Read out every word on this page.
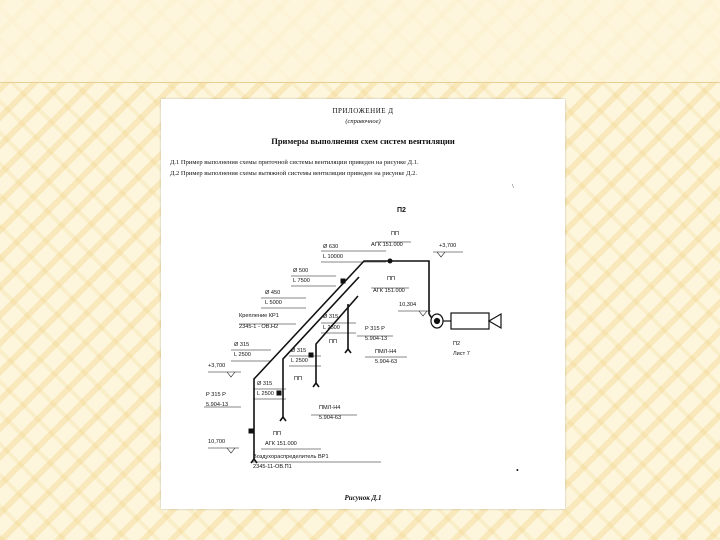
ПРИЛОЖЕНИЕ Д
(справочное)
Примеры выполнения схем систем вентиляции
Д.1 Пример выполнения схемы приточной системы вентиляции приведен на рисунке Д.1.
Д.2 Пример выполнения схемы вытяжной системы вентиляции приведен на рисунке Д.2.
\
П2
ПП
АГК 151.000
Ø 630
L 10000
+3,700
Ø 500
L 7500	ПП
АГК 151.000
10,304
Ø 450
L 5000
Крепление КР1
2345-1 - ОВ.Н2
Ø 315
L 2500	Р 315 Р
5.904-13
П2
Лист 7
Ø 315
L 2500
+3,700
Ø 315
L 2500
ПП
ПМЛ-Н4
5.904-63
Ø 315
L 2500
ПП
Р 315 Р
5.904-13	ПМЛ-Н4
5.904-63
ПП
АГК 151.000
10,700
Воздухораспределитель ВР1
2345-11-ОВ.П1	•
Рисунок Д.1
